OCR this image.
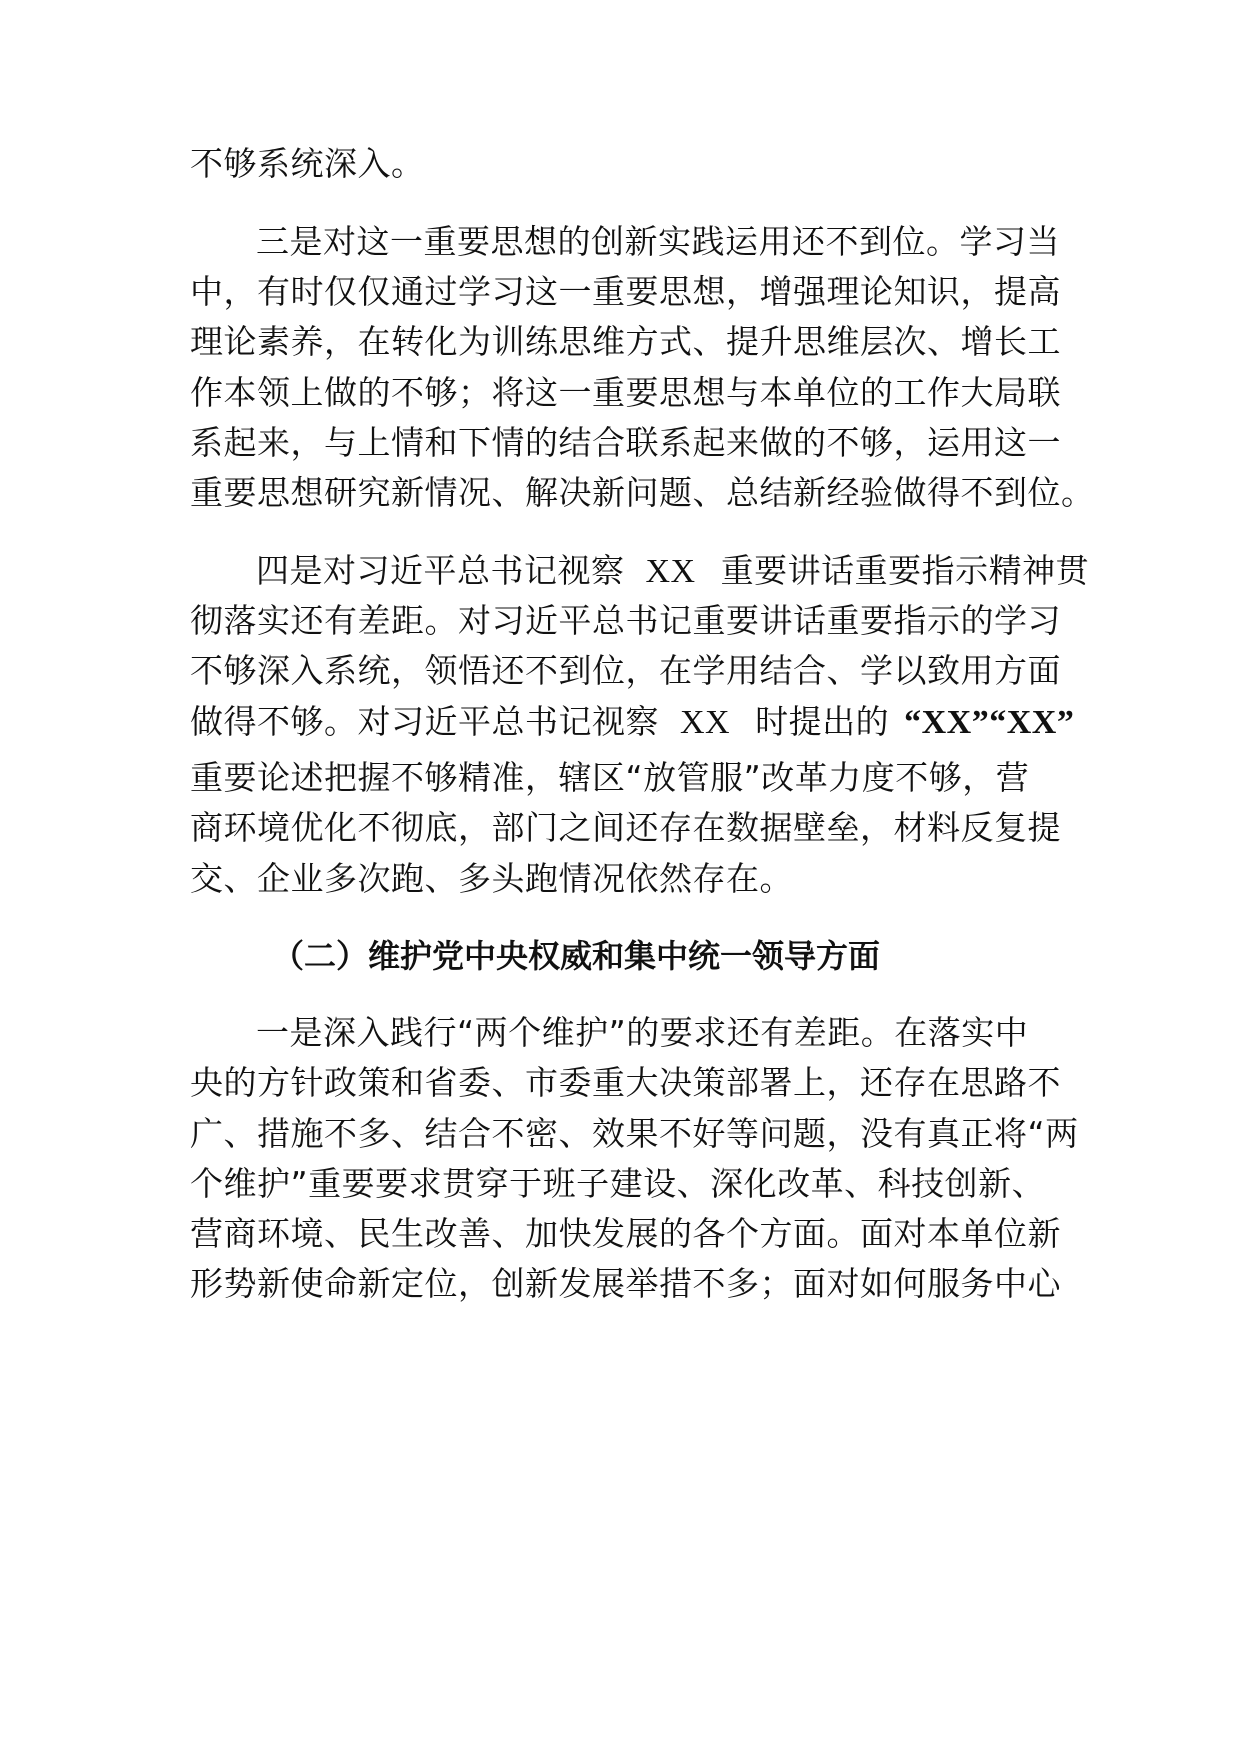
不够系统深入。
三是对这一重要思想的创新实践运用还不到位。学习当
中，有时仅仅通过学习这一重要思想，增强理论知识，提高
理论素养，在转化为训练思维方式、提升思维层次、增长工
作本领上做的不够；将这一重要思想与本单位的工作大局联
系起来，与上情和下情的结合联系起来做的不够，运用这一
重要思想研究新情况、解决新问题、总结新经验做得不到位。
四是对习近平总书记视察 XX 重要讲话重要指示精神贯
彻落实还有差距。对习近平总书记重要讲话重要指示的学习
不够深入系统，领悟还不到位，在学用结合、学以致用方面
做得不够。对习近平总书记视察 XX 时提出的 “XX”“XX”
重要论述把握不够精准，辖区“放管服”改革力度不够，营
商环境优化不彻底，部门之间还存在数据壁垒，材料反复提
交、企业多次跑、多头跑情况依然存在。
（二）维护党中央权威和集中统一领导方面
一是深入践行“两个维护”的要求还有差距。在落实中
央的方针政策和省委、市委重大决策部署上，还存在思路不
广、措施不多、结合不密、效果不好等问题，没有真正将“两
个维护”重要要求贯穿于班子建设、深化改革、科技创新、
营商环境、民生改善、加快发展的各个方面。面对本单位新
形势新使命新定位，创新发展举措不多；面对如何服务中心
